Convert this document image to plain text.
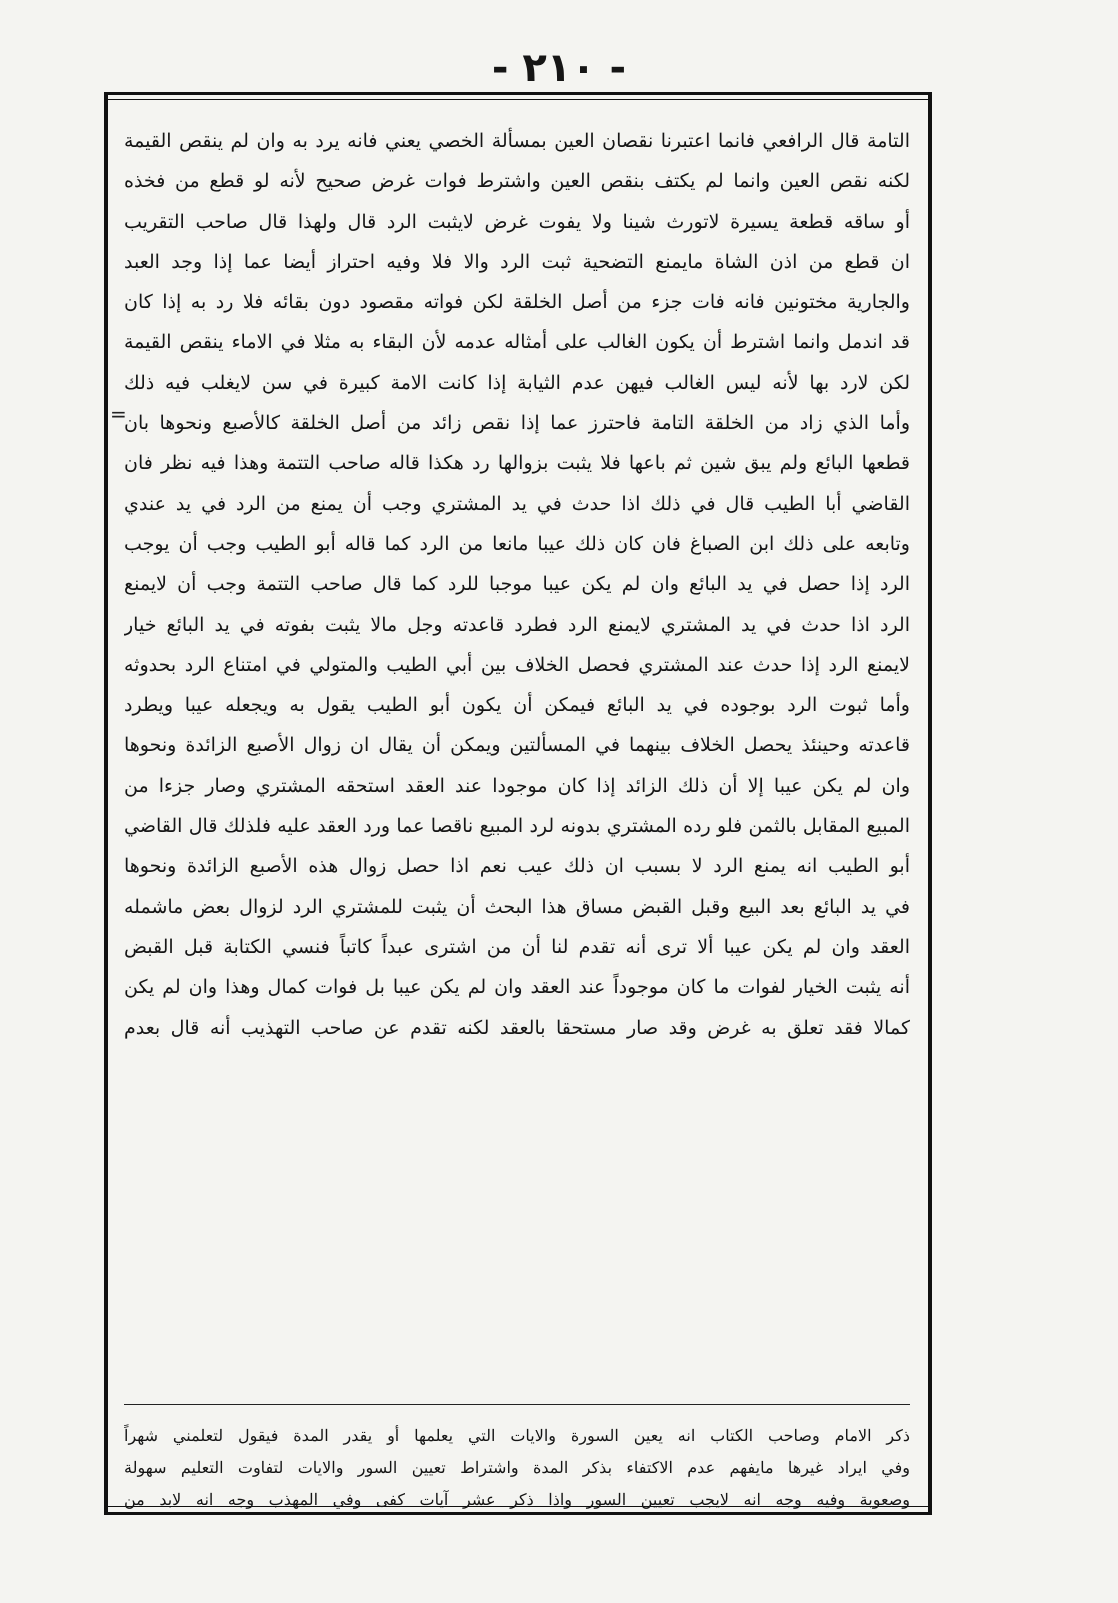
- ٢١٠ -
=
التامة قال الرافعي فانما اعتبرنا نقصان العين بمسألة الخصي يعني فانه يرد به وان لم ينقص القيمة
لكنه نقص العين وانما لم يكتف بنقص العين واشترط فوات غرض صحيح لأنه لو قطع من فخذه
أو ساقه قطعة يسيرة لاتورث شينا ولا يفوت غرض لايثبت الرد قال ولهذا قال صاحب التقريب
ان قطع من اذن الشاة مايمنع التضحية ثبت الرد والا فلا وفيه احتراز أيضا عما إذا وجد العبد
والجارية مختونين فانه فات جزء من أصل الخلقة لكن فواته مقصود دون بقائه فلا رد به إذا كان
قد اندمل وانما اشترط أن يكون الغالب على أمثاله عدمه لأن البقاء به مثلا في الاماء ينقص القيمة
لكن لارد بها لأنه ليس الغالب فيهن عدم الثيابة إذا كانت الامة كبيرة في سن لايغلب فيه ذلك
وأما الذي زاد من الخلقة التامة فاحترز عما إذا نقص زائد من أصل الخلقة كالأصبع ونحوها بان
قطعها البائع ولم يبق شين ثم باعها فلا يثبت بزوالها رد هكذا قاله صاحب التتمة وهذا فيه نظر فان
القاضي أبا الطيب قال في ذلك اذا حدث في يد المشتري وجب أن يمنع من الرد في يد عندي
وتابعه على ذلك ابن الصباغ فان كان ذلك عيبا مانعا من الرد كما قاله أبو الطيب وجب أن يوجب
الرد إذا حصل في يد البائع وان لم يكن عيبا موجبا للرد كما قال صاحب التتمة وجب أن لايمنع
الرد اذا حدث في يد المشتري لايمنع الرد فطرد قاعدته وجل مالا يثبت بفوته في يد البائع خيار
لايمنع الرد إذا حدث عند المشتري فحصل الخلاف بين أبي الطيب والمتولي في امتناع الرد بحدوثه
وأما ثبوت الرد بوجوده في يد البائع فيمكن أن يكون أبو الطيب يقول به ويجعله عيبا ويطرد
قاعدته وحينئذ يحصل الخلاف بينهما في المسألتين ويمكن أن يقال ان زوال الأصبع الزائدة ونحوها
وان لم يكن عيبا إلا أن ذلك الزائد إذا كان موجودا عند العقد استحقه المشتري وصار جزءا من
المبيع المقابل بالثمن فلو رده المشتري بدونه لرد المبيع ناقصا عما ورد العقد عليه فلذلك قال القاضي
أبو الطيب انه يمنع الرد لا بسبب ان ذلك عيب نعم اذا حصل زوال هذه الأصبع الزائدة ونحوها
في يد البائع بعد البيع وقبل القبض مساق هذا البحث أن يثبت للمشتري الرد لزوال بعض ماشمله
العقد وان لم يكن عيبا ألا ترى أنه تقدم لنا أن من اشترى عبداً كاتباً فنسي الكتابة قبل القبض
أنه يثبت الخيار لفوات ما كان موجوداً عند العقد وان لم يكن عيبا بل فوات كمال وهذا وان لم يكن
كمالا فقد تعلق به غرض وقد صار مستحقا بالعقد لكنه تقدم عن صاحب التهذيب أنه قال بعدم
ذكر الامام وصاحب الكتاب انه يعين السورة والايات التي يعلمها أو يقدر المدة فيقول لتعلمني شهراً
وفي ايراد غيرها مايفهم عدم الاكتفاء بذكر المدة واشتراط تعيين السور والايات لتفاوت التعليم سهولة
وصعوبة وفيه وجه انه لايجب تعيين السور واذا ذكر عشر آيات كفى وفي المهذب وجه انه لابد من
